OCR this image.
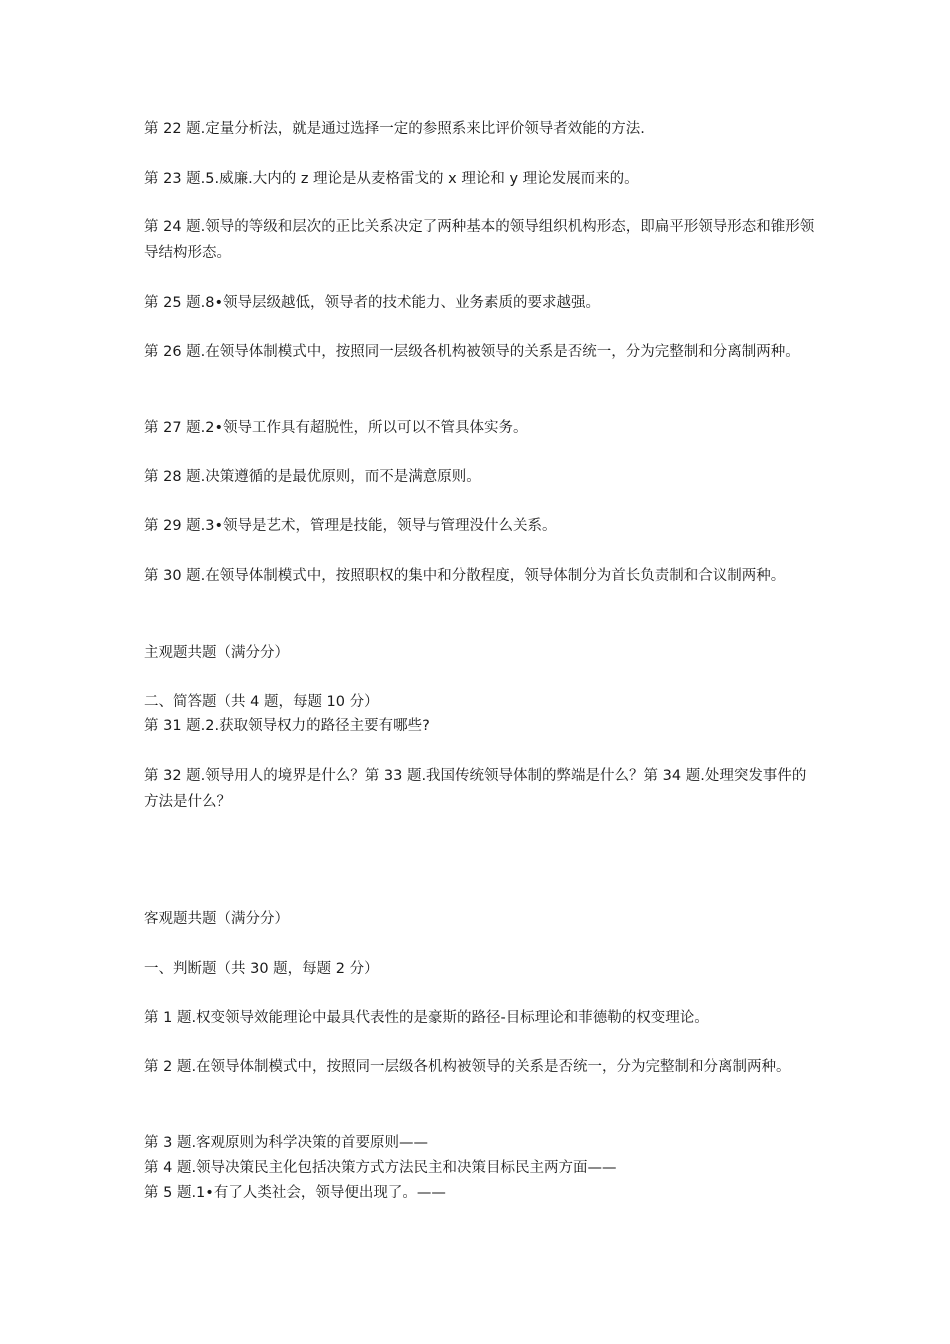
第 22 题.定量分析法，就是通过选择一定的参照系来比评价领导者效能的方法.

第 23 题.5.威廉.大内的 z 理论是从麦格雷戈的 x 理论和 y 理论发展而来的。

第 24 题.领导的等级和层次的正比关系决定了两种基本的领导组织机构形态，即扁平形领导形态和锥形领导结构形态。

第 25 题.8•领导层级越低，领导者的技术能力、业务素质的要求越强。

第 26 题.在领导体制模式中，按照同一层级各机构被领导的关系是否统一，分为完整制和分离制两种。

第 27 题.2•领导工作具有超脱性，所以可以不管具体实务。

第 28 题.决策遵循的是最优原则，而不是满意原则。

第 29 题.3•领导是艺术，管理是技能，领导与管理没什么关系。

第 30 题.在领导体制模式中，按照职权的集中和分散程度，领导体制分为首长负责制和合议制两种。

主观题共题（满分分）

二、简答题（共 4 题，每题 10 分）

第 31 题.2.获取领导权力的路径主要有哪些?

第 32 题.领导用人的境界是什么？第 33 题.我国传统领导体制的弊端是什么？第 34 题.处理突发事件的方法是什么？

客观题共题（满分分）

一、判断题（共 30 题，每题 2 分）

第 1 题.权变领导效能理论中最具代表性的是豪斯的路径-目标理论和菲德勒的权变理论。

第 2 题.在领导体制模式中，按照同一层级各机构被领导的关系是否统一，分为完整制和分离制两种。

第 3 题.客观原则为科学决策的首要原则——

第 4 题.领导决策民主化包括决策方式方法民主和决策目标民主两方面——

第 5 题.1•有了人类社会，领导便出现了。——
